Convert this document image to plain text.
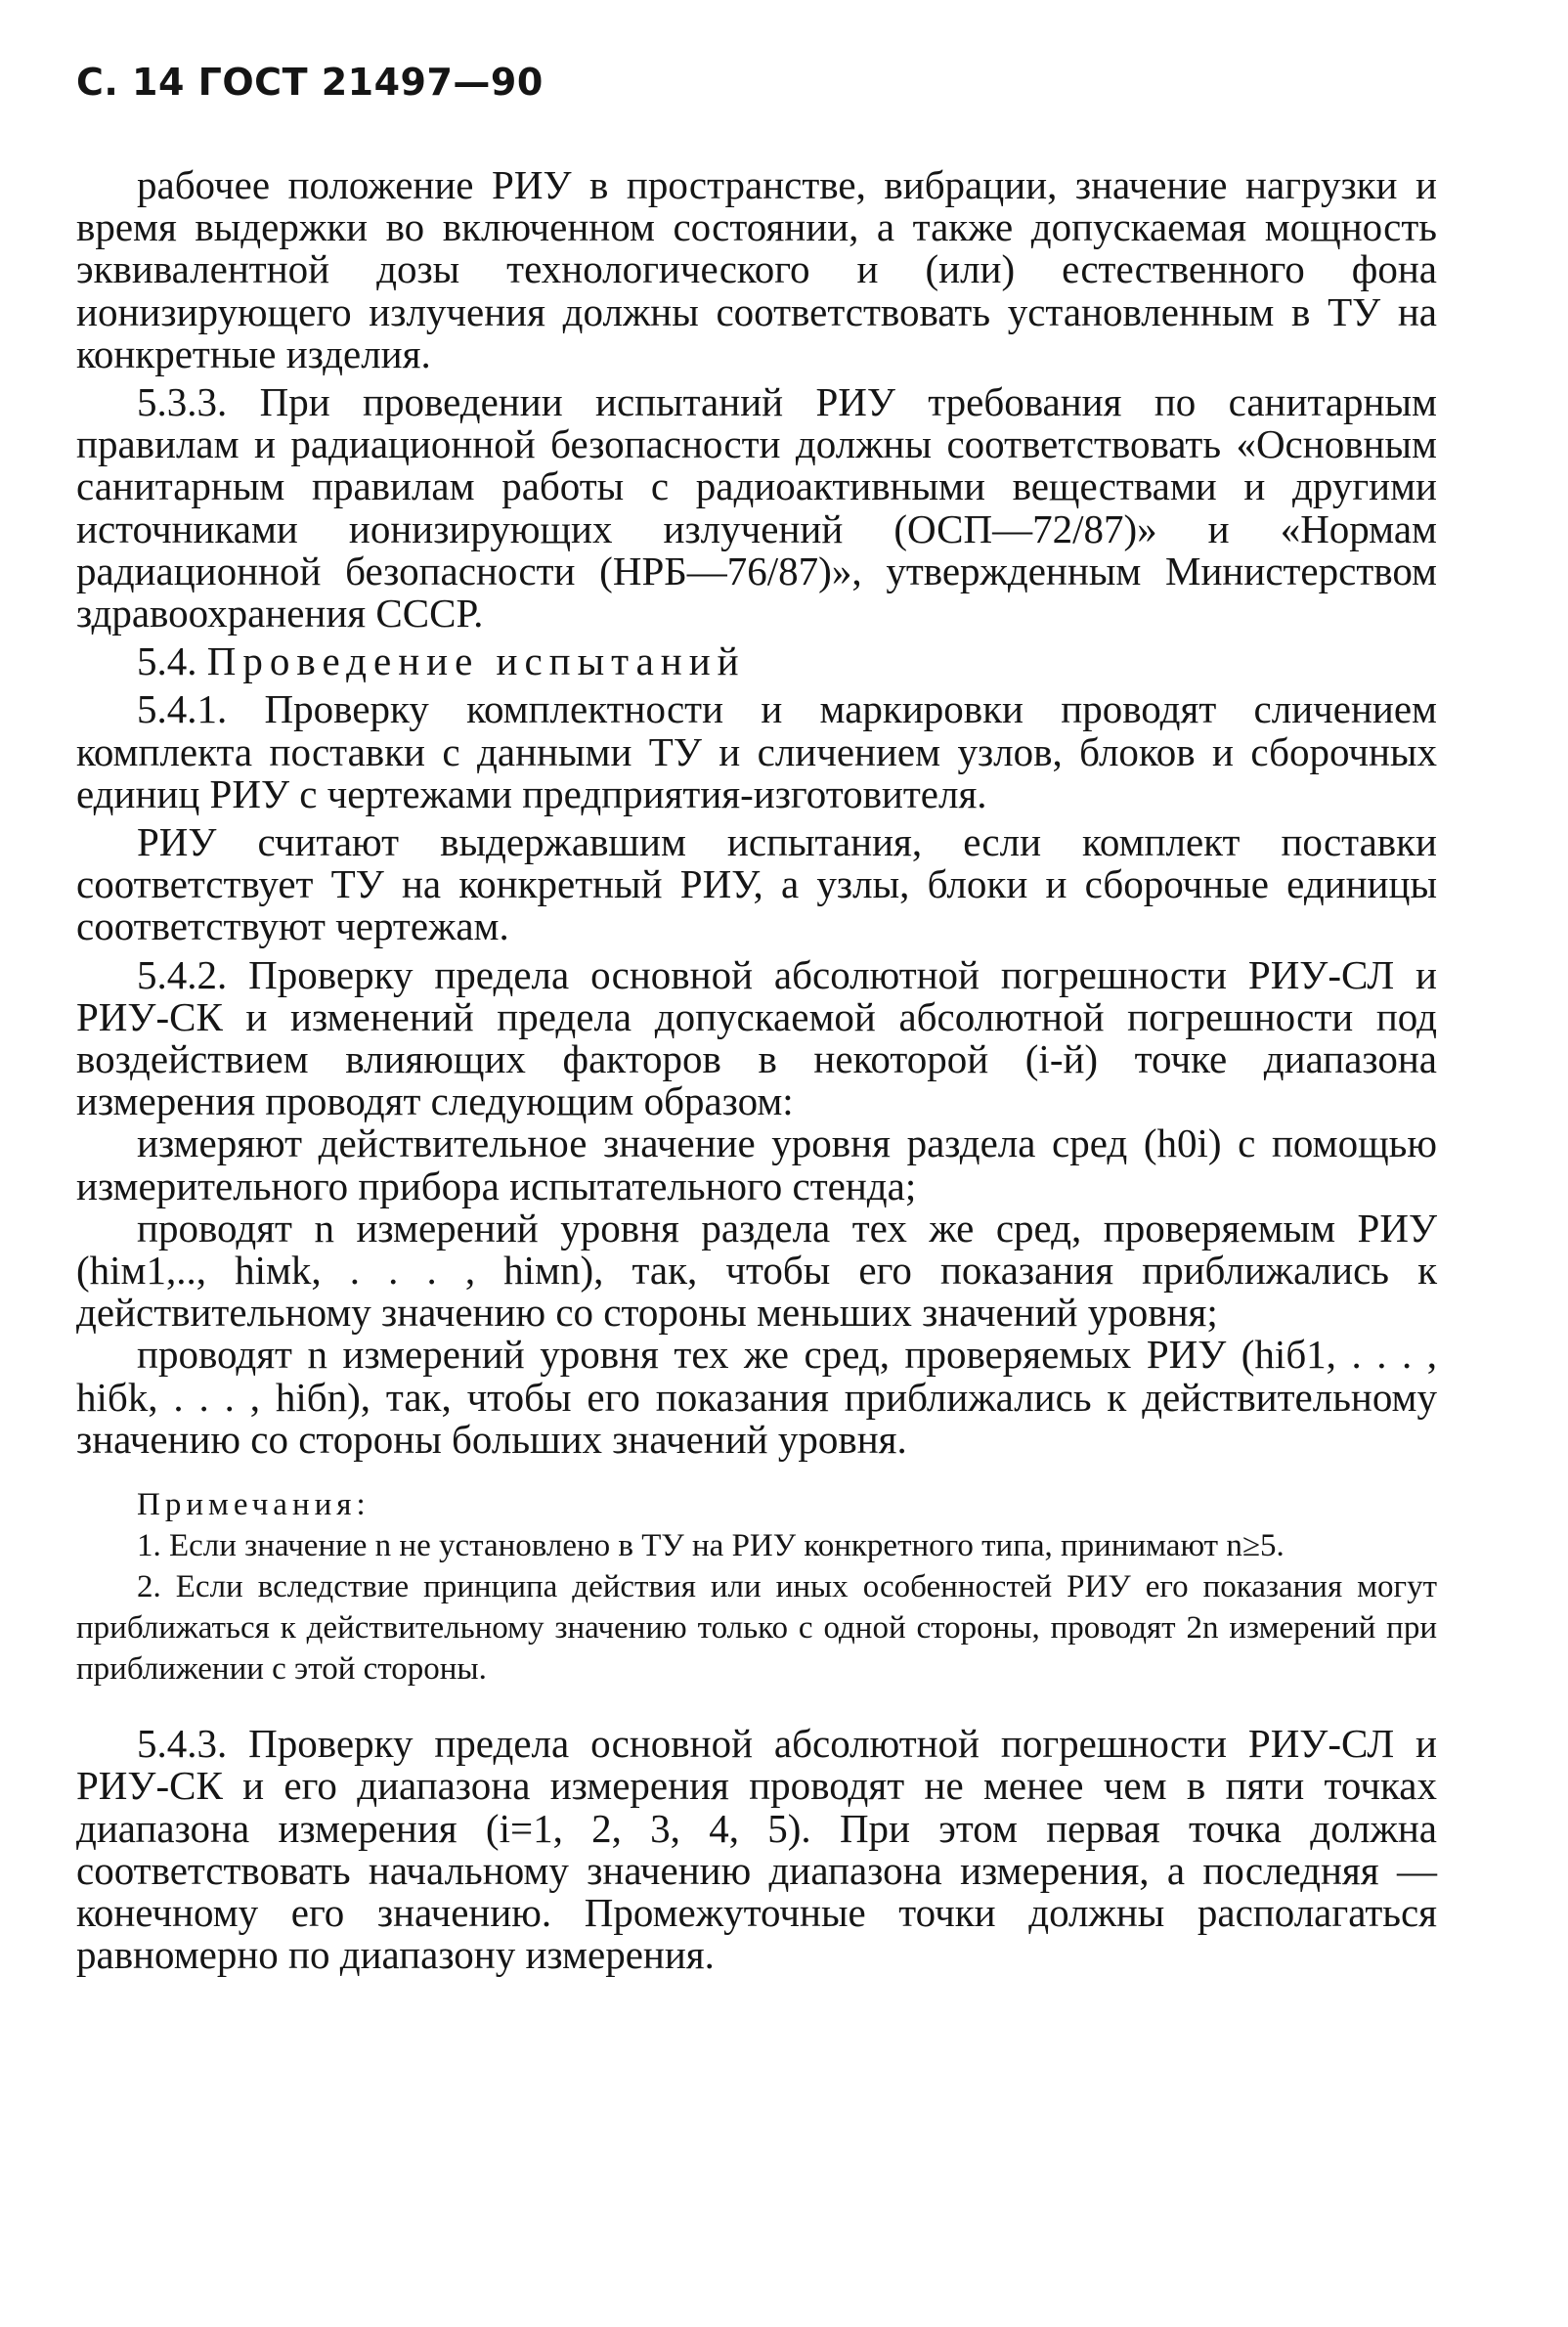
С. 14 ГОСТ 21497—90

рабочее положение РИУ в пространстве, вибрации, значение нагрузки и время выдержки во включенном состоянии, а также допускаемая мощность эквивалентной дозы технологического и (или) естественного фона ионизирующего излучения должны соответствовать установленным в ТУ на конкретные изделия.

5.3.3. При проведении испытаний РИУ требования по санитарным правилам и радиационной безопасности должны соответствовать «Основным санитарным правилам работы с радиоактивными веществами и другими источниками ионизирующих излучений (ОСП—72/87)» и «Нормам радиационной безопасности (НРБ—76/87)», утвержденным Министерством здравоохранения СССР.

5.4. Проведение испытаний

5.4.1. Проверку комплектности и маркировки проводят сличением комплекта поставки с данными ТУ и сличением узлов, блоков и сборочных единиц РИУ с чертежами предприятия-изготовителя.

РИУ считают выдержавшим испытания, если комплект поставки соответствует ТУ на конкретный РИУ, а узлы, блоки и сборочные единицы соответствуют чертежам.

5.4.2. Проверку предела основной абсолютной погрешности РИУ-СЛ и РИУ-СК и изменений предела допускаемой абсолютной погрешности под воздействием влияющих факторов в некоторой (i-й) точке диапазона измерения проводят следующим образом:

измеряют действительное значение уровня раздела сред (h0i) с помощью измерительного прибора испытательного стенда;

проводят n измерений уровня раздела тех же сред, проверяемым РИУ (hiм1,.., hiмk, . . . , hiмn), так, чтобы его показания приближались к действительному значению со стороны меньших значений уровня;

проводят n измерений уровня тех же сред, проверяемых РИУ (hiб1, . . . , hiбk, . . . , hiбn), так, чтобы его показания приближались к действительному значению со стороны больших значений уровня.

Примечания:

1. Если значение n не установлено в ТУ на РИУ конкретного типа, принимают n≥5.

2. Если вследствие принципа действия или иных особенностей РИУ его показания могут приближаться к действительному значению только с одной стороны, проводят 2n измерений при приближении с этой стороны.

5.4.3. Проверку предела основной абсолютной погрешности РИУ-СЛ и РИУ-СК и его диапазона измерения проводят не менее чем в пяти точках диапазона измерения (i=1, 2, 3, 4, 5). При этом первая точка должна соответствовать начальному значению диапазона измерения, а последняя — конечному его значению. Промежуточные точки должны располагаться равномерно по диапазону измерения.
